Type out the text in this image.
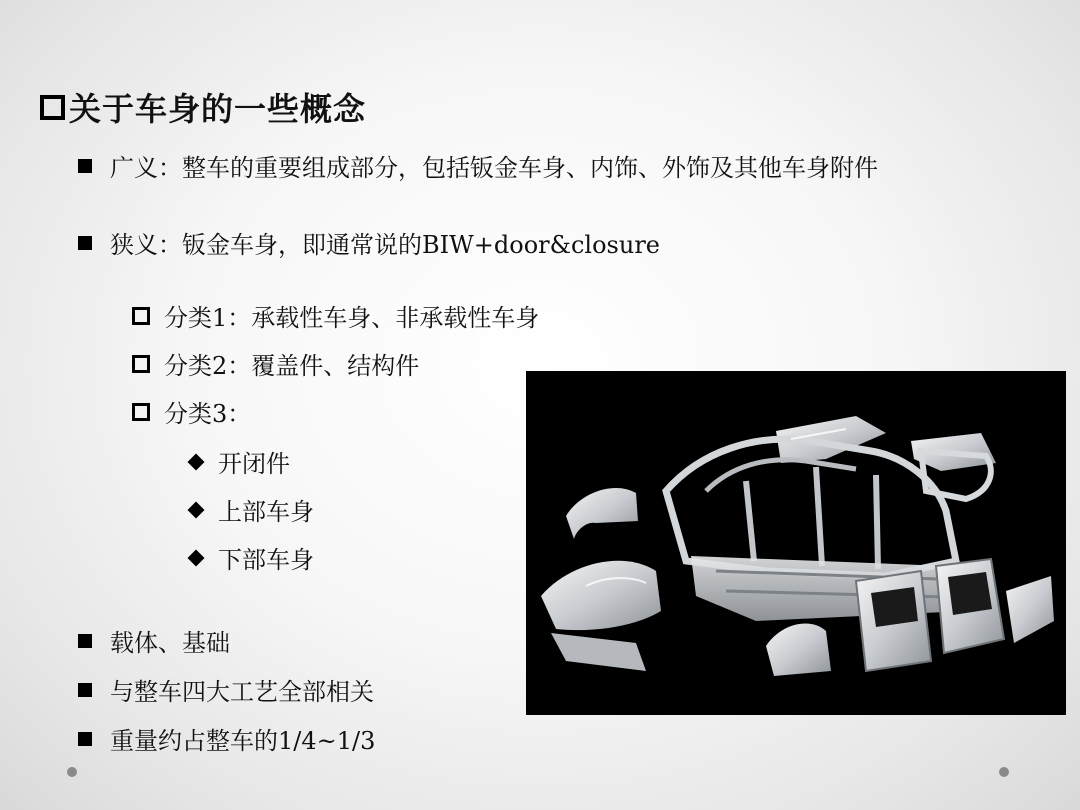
关于车身的一些概念
广义：整车的重要组成部分，包括钣金车身、内饰、外饰及其他车身附件
狭义：钣金车身，即通常说的BIW+door&closure
分类1：承载性车身、非承载性车身
分类2：覆盖件、结构件
分类3：
开闭件
上部车身
下部车身
载体、基础
与整车四大工艺全部相关
重量约占整车的1/4~1/3
